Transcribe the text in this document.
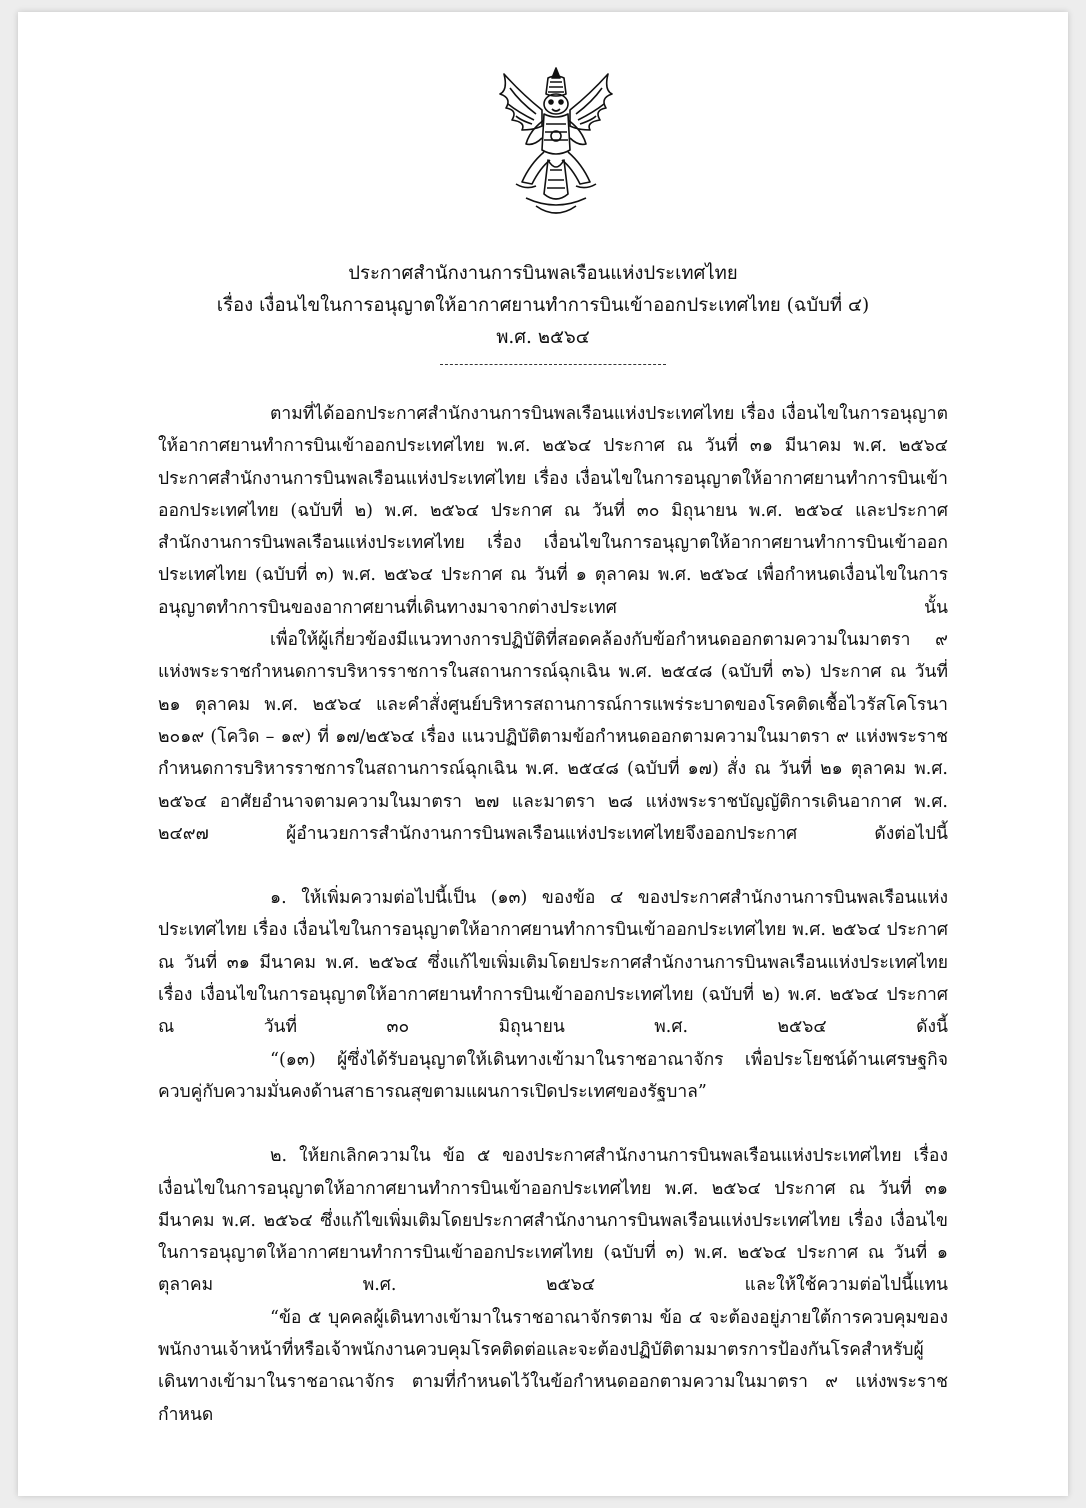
ประกาศสำนักงานการบินพลเรือนแห่งประเทศไทย
เรื่อง เงื่อนไขในการอนุญาตให้อากาศยานทำการบินเข้าออกประเทศไทย (ฉบับที่ ๔)
พ.ศ. ๒๕๖๔

ตามที่ได้ออกประกาศสำนักงานการบินพลเรือนแห่งประเทศไทย เรื่อง เงื่อนไขในการอนุญาตให้อากาศยานทำการบินเข้าออกประเทศไทย พ.ศ. ๒๕๖๔ ประกาศ ณ วันที่ ๓๑ มีนาคม พ.ศ. ๒๕๖๔ ประกาศสำนักงานการบินพลเรือนแห่งประเทศไทย เรื่อง เงื่อนไขในการอนุญาตให้อากาศยานทำการบินเข้าออกประเทศไทย (ฉบับที่ ๒) พ.ศ. ๒๕๖๔ ประกาศ ณ วันที่ ๓๐ มิถุนายน พ.ศ. ๒๕๖๔ และประกาศสำนักงานการบินพลเรือนแห่งประเทศไทย เรื่อง เงื่อนไขในการอนุญาตให้อากาศยานทำการบินเข้าออกประเทศไทย (ฉบับที่ ๓) พ.ศ. ๒๕๖๔ ประกาศ ณ วันที่ ๑ ตุลาคม พ.ศ. ๒๕๖๔ เพื่อกำหนดเงื่อนไขในการอนุญาตทำการบินของอากาศยานที่เดินทางมาจากต่างประเทศ นั้น

เพื่อให้ผู้เกี่ยวข้องมีแนวทางการปฏิบัติที่สอดคล้องกับข้อกำหนดออกตามความในมาตรา ๙ แห่งพระราชกำหนดการบริหารราชการในสถานการณ์ฉุกเฉิน พ.ศ. ๒๕๔๘ (ฉบับที่ ๓๖) ประกาศ ณ วันที่ ๒๑ ตุลาคม พ.ศ. ๒๕๖๔ และคำสั่งศูนย์บริหารสถานการณ์การแพร่ระบาดของโรคติดเชื้อไวรัสโคโรนา ๒๐๑๙ (โควิด – ๑๙) ที่ ๑๗/๒๕๖๔ เรื่อง แนวปฏิบัติตามข้อกำหนดออกตามความในมาตรา ๙ แห่งพระราชกำหนดการบริหารราชการในสถานการณ์ฉุกเฉิน พ.ศ. ๒๕๔๘ (ฉบับที่ ๑๗) สั่ง ณ วันที่ ๒๑ ตุลาคม พ.ศ. ๒๕๖๔ อาศัยอำนาจตามความในมาตรา ๒๗ และมาตรา ๒๘ แห่งพระราชบัญญัติการเดินอากาศ พ.ศ. ๒๔๙๗ ผู้อำนวยการสำนักงานการบินพลเรือนแห่งประเทศไทยจึงออกประกาศ ดังต่อไปนี้

๑. ให้เพิ่มความต่อไปนี้เป็น (๑๓) ของข้อ ๔ ของประกาศสำนักงานการบินพลเรือนแห่งประเทศไทย เรื่อง เงื่อนไขในการอนุญาตให้อากาศยานทำการบินเข้าออกประเทศไทย พ.ศ. ๒๕๖๔ ประกาศ ณ วันที่ ๓๑ มีนาคม พ.ศ. ๒๕๖๔ ซึ่งแก้ไขเพิ่มเติมโดยประกาศสำนักงานการบินพลเรือนแห่งประเทศไทย เรื่อง เงื่อนไขในการอนุญาตให้อากาศยานทำการบินเข้าออกประเทศไทย (ฉบับที่ ๒) พ.ศ. ๒๕๖๔ ประกาศ ณ วันที่ ๓๐ มิถุนายน พ.ศ. ๒๕๖๔ ดังนี้

“(๑๓) ผู้ซึ่งได้รับอนุญาตให้เดินทางเข้ามาในราชอาณาจักร เพื่อประโยชน์ด้านเศรษฐกิจควบคู่กับความมั่นคงด้านสาธารณสุขตามแผนการเปิดประเทศของรัฐบาล”

๒. ให้ยกเลิกความใน ข้อ ๕ ของประกาศสำนักงานการบินพลเรือนแห่งประเทศไทย เรื่อง เงื่อนไขในการอนุญาตให้อากาศยานทำการบินเข้าออกประเทศไทย พ.ศ. ๒๕๖๔ ประกาศ ณ วันที่ ๓๑ มีนาคม พ.ศ. ๒๕๖๔ ซึ่งแก้ไขเพิ่มเติมโดยประกาศสำนักงานการบินพลเรือนแห่งประเทศไทย เรื่อง เงื่อนไขในการอนุญาตให้อากาศยานทำการบินเข้าออกประเทศไทย (ฉบับที่ ๓) พ.ศ. ๒๕๖๔ ประกาศ ณ วันที่ ๑ ตุลาคม พ.ศ. ๒๕๖๔ และให้ใช้ความต่อไปนี้แทน

“ข้อ ๕ บุคคลผู้เดินทางเข้ามาในราชอาณาจักรตาม ข้อ ๔ จะต้องอยู่ภายใต้การควบคุมของพนักงานเจ้าหน้าที่หรือเจ้าพนักงานควบคุมโรคติดต่อและจะต้องปฏิบัติตามมาตรการป้องกันโรคสำหรับผู้เดินทางเข้ามาในราชอาณาจักร ตามที่กำหนดไว้ในข้อกำหนดออกตามความในมาตรา ๙ แห่งพระราชกำหนด
